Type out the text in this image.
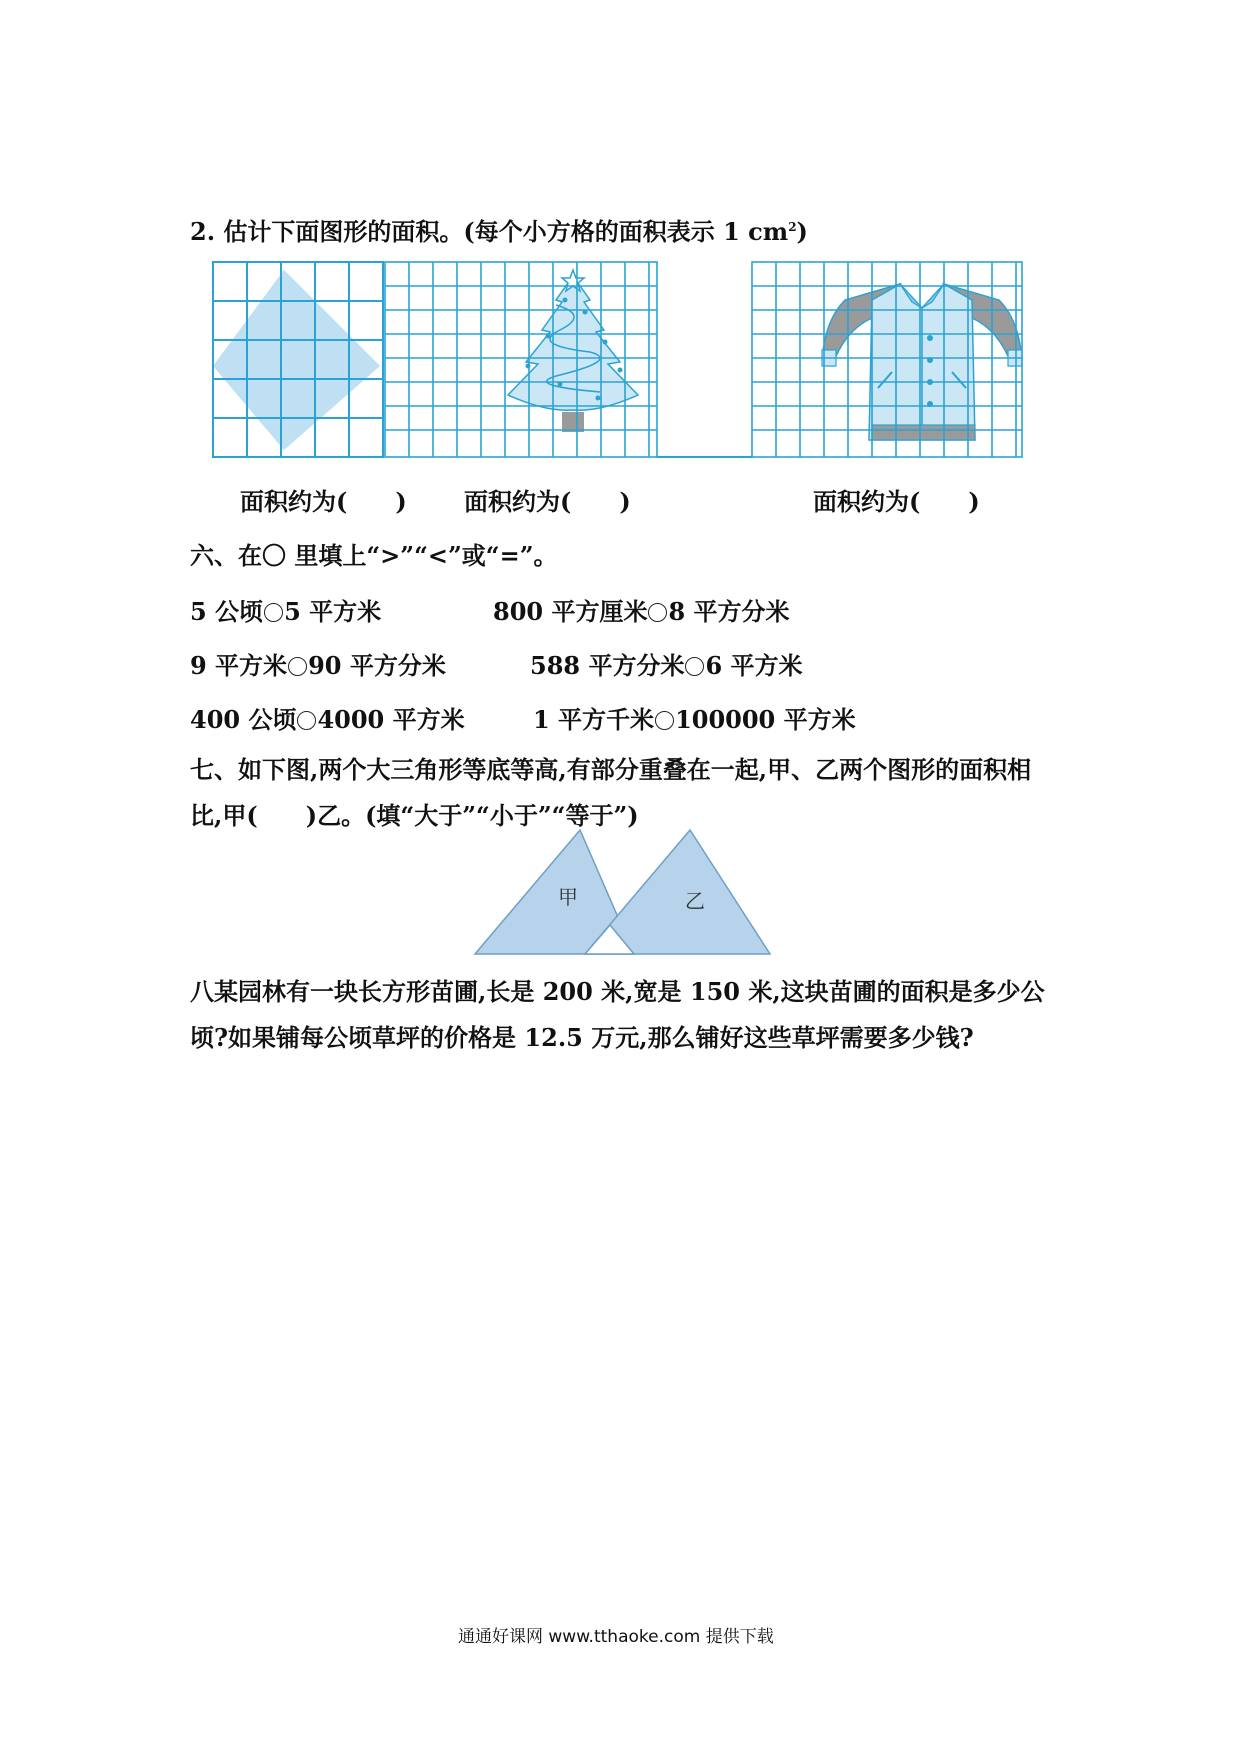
2. 估计下面图形的面积。(每个小方格的面积表示 1 $cm^2$)
面积约为(　　) 面积约为(　　)	面积约为(　　)
六、在〇 里填上“>”“<”或“=”。
5 公顷 5 平方米	800 平方厘米 8 平方分米
9 平方米 90 平方分米	588 平方分米 6 平方米
400 公顷 4000 平方米	1 平方千米 100000 平方米
七、如下图,两个大三角形等底等高,有部分重叠在一起,甲、乙两个图形的面积相
比,甲(　　)乙。(填“大于”“小于”“等于”)
甲	乙
八某园林有一块长方形苗圃,长是 200 米,宽是 150 米,这块苗圃的面积是多少公
顷?如果铺每公顷草坪的价格是 12.5 万元,那么铺好这些草坪需要多少钱?
通通好课网 www.tthaoke.com 提供下载
